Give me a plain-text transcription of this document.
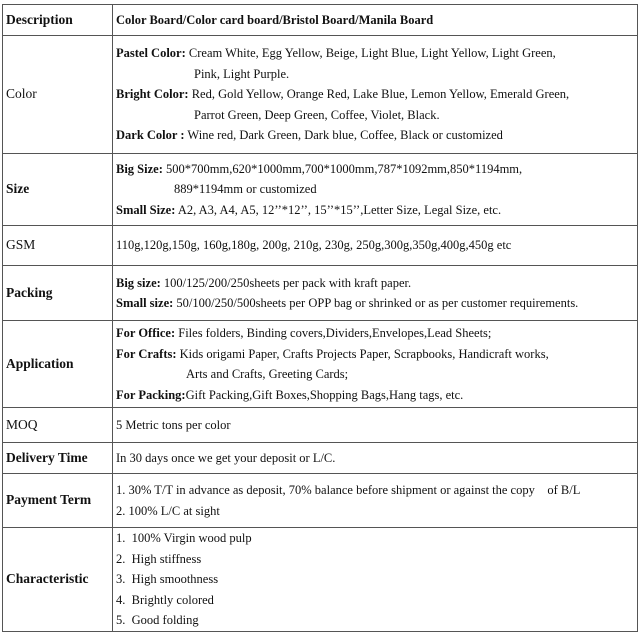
Description	Color Board/Color card board/Bristol Board/Manila Board
Color	Pastel Color: Cream White, Egg Yellow, Beige, Light Blue, Light Yellow, Light Green,
Pink, Light Purple.
Bright Color: Red, Gold Yellow, Orange Red, Lake Blue, Lemon Yellow, Emerald Green,
Parrot Green, Deep Green, Coffee, Violet, Black.
Dark Color : Wine red, Dark Green, Dark blue, Coffee, Black or customized

Size	Big Size: 500*700mm,620*1000mm,700*1000mm,787*1092mm,850*1194mm,
889*1194mm or customized
Small Size: A2, A3, A4, A5, 12’’*12’’, 15’’*15’’,Letter Size, Legal Size, etc.

GSM	110g,120g,150g, 160g,180g, 200g, 210g, 230g, 250g,300g,350g,400g,450g etc
Packing	Big size: 100/125/200/250sheets per pack with kraft paper.
Small size: 50/100/250/500sheets per OPP bag or shrinked or as per customer requirements.

Application	For Office: Files folders, Binding covers,Dividers,Envelopes,Lead Sheets;
For Crafts: Kids origami Paper, Crafts Projects Paper, Scrapbooks, Handicraft works,
Arts and Crafts, Greeting Cards;
For Packing:Gift Packing,Gift Boxes,Shopping Bags,Hang tags, etc.

MOQ	5 Metric tons per color
Delivery Time	In 30 days once we get your deposit or L/C.
Payment Term	1. 30% T/T in advance as deposit, 70% balance before shipment or against the copy    of B/L
2. 100% L/C at sight

Characteristic	1.  100% Virgin wood pulp
2.  High stiffness
3.  High smoothness
4.  Brightly colored
5.  Good folding
